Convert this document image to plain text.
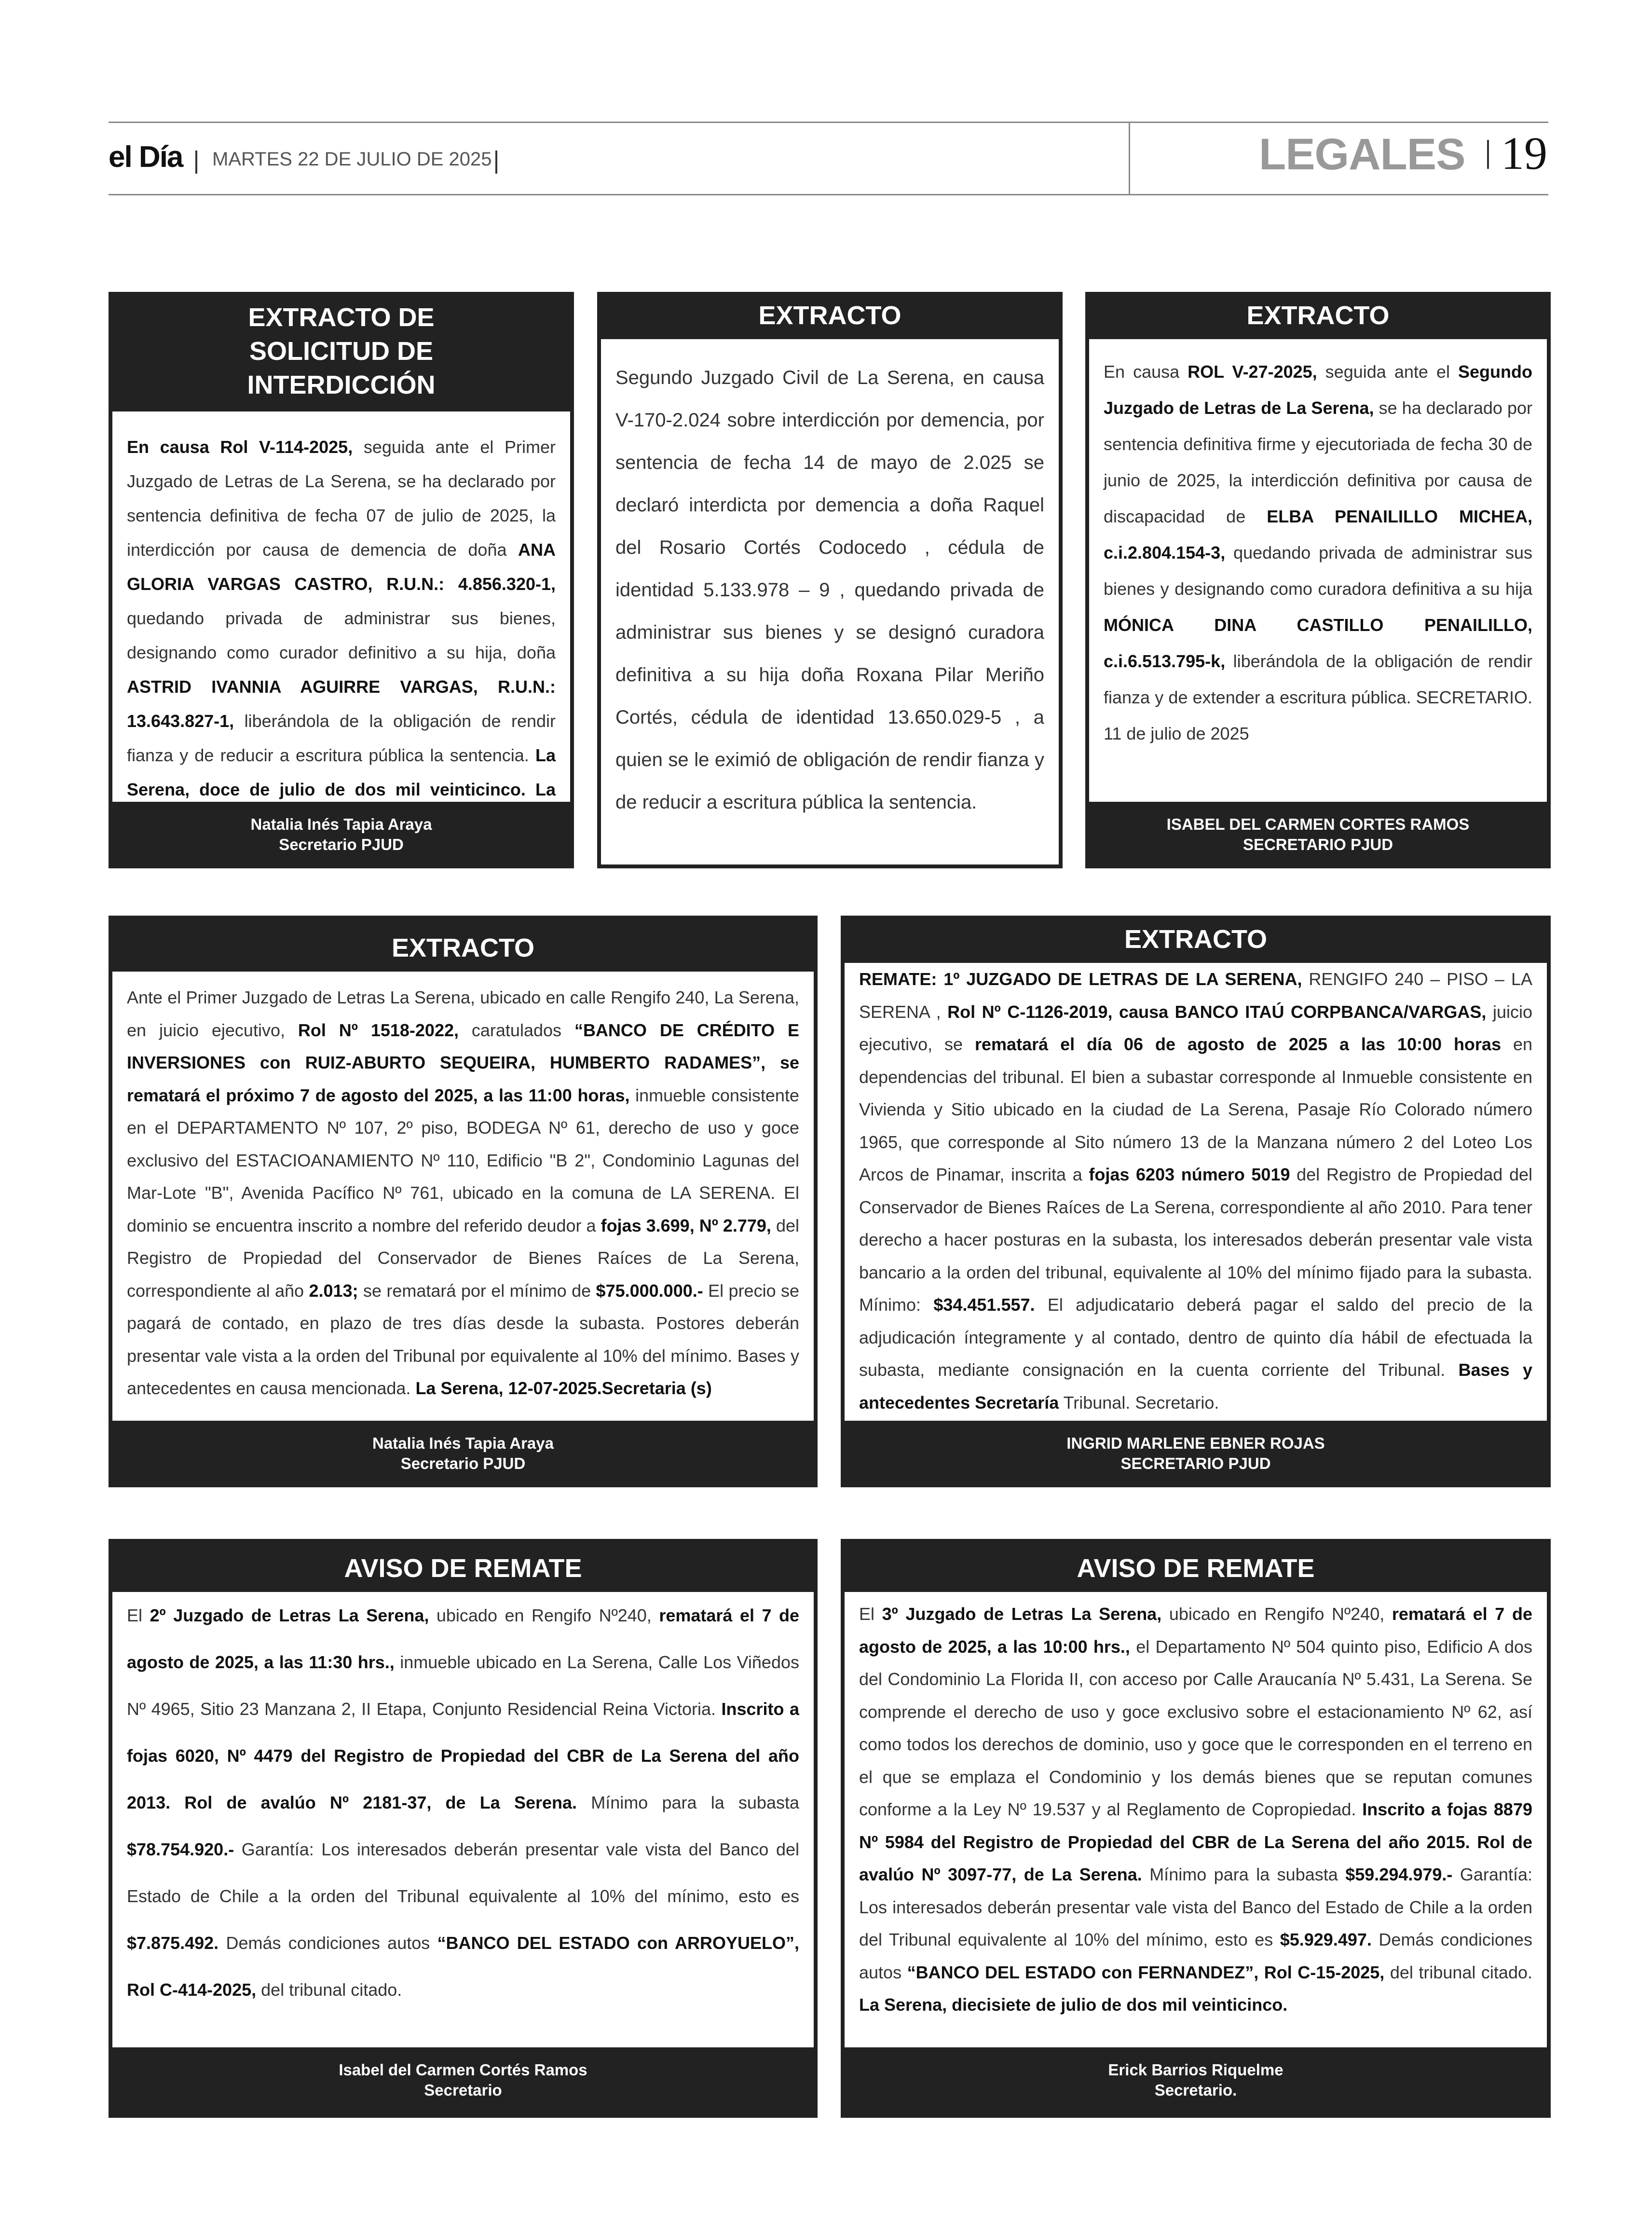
el Día MARTES 22 DE JULIO DE 2025	LEGALES 19
EXTRACTO DE SOLICITUD DE INTERDICCIÓN
En causa Rol V-114-2025, seguida ante el Primer Juzgado de Letras de La Serena, se ha declarado por sentencia definitiva de fecha 07 de julio de 2025, la interdicción por causa de demencia de doña ANA GLORIA VARGAS CASTRO, R.U.N.: 4.856.320-1, quedando privada de administrar sus bienes, designando como curador definitivo a su hija, doña ASTRID IVANNIA AGUIRRE VARGAS, R.U.N.: 13.643.827-1, liberándola de la obligación de rendir fianza y de reducir a escritura pública la sentencia. La Serena, doce de julio de dos mil veinticinco. La
Natalia Inés Tapia Araya
Secretario PJUD
EXTRACTO
Segundo Juzgado Civil de La Serena, en causa V-170-2.024 sobre interdicción por demencia, por sentencia de fecha 14 de mayo de 2.025 se declaró interdicta por demencia a doña Raquel del Rosario Cortés Codocedo , cédula de identidad 5.133.978 – 9 , quedando privada de administrar sus bienes y se designó curadora definitiva a su hija doña Roxana Pilar Meriño Cortés, cédula de identidad 13.650.029-5 , a quien se le eximió de obligación de rendir fianza y de reducir a escritura pública la sentencia.
EXTRACTO
En causa ROL V-27-2025, seguida ante el Segundo Juzgado de Letras de La Serena, se ha declarado por sentencia definitiva firme y ejecutoriada de fecha 30 de junio de 2025, la interdicción definitiva por causa de discapacidad de ELBA PENAILILLO MICHEA, c.i.2.804.154-3, quedando privada de administrar sus bienes y designando como curadora definitiva a su hija MÓNICA DINA CASTILLO PENAILILLO, c.i.6.513.795-k, liberándola de la obligación de rendir fianza y de extender a escritura pública. SECRETARIO. 11 de julio de 2025
ISABEL DEL CARMEN CORTES RAMOS
SECRETARIO PJUD
EXTRACTO
Ante el Primer Juzgado de Letras La Serena, ubicado en calle Rengifo 240, La Serena, en juicio ejecutivo, Rol Nº 1518-2022, caratulados “BANCO DE CRÉDITO E INVERSIONES con RUIZ-ABURTO SEQUEIRA, HUMBERTO RADAMES”, se rematará el próximo 7 de agosto del 2025, a las 11:00 horas, inmueble consistente en el DEPARTAMENTO Nº 107, 2º piso, BODEGA Nº 61, derecho de uso y goce exclusivo del ESTACIOANAMIENTO Nº 110, Edificio "B 2", Condominio Lagunas del Mar-Lote "B", Avenida Pacífico Nº 761, ubicado en la comuna de LA SERENA. El dominio se encuentra inscrito a nombre del referido deudor a fojas 3.699, Nº 2.779, del Registro de Propiedad del Conservador de Bienes Raíces de La Serena, correspondiente al año 2.013; se rematará por el mínimo de $75.000.000.- El precio se pagará de contado, en plazo de tres días desde la subasta. Postores deberán presentar vale vista a la orden del Tribunal por equivalente al 10% del mínimo. Bases y antecedentes en causa mencionada. La Serena, 12-07-2025.Secretaria (s)
Natalia Inés Tapia Araya
Secretario PJUD
EXTRACTO
REMATE: 1º JUZGADO DE LETRAS DE LA SERENA, RENGIFO 240 – PISO – LA SERENA , Rol Nº C-1126-2019, causa BANCO ITAÚ CORPBANCA/VARGAS, juicio ejecutivo, se rematará el día 06 de agosto de 2025 a las 10:00 horas en dependencias del tribunal. El bien a subastar corresponde al Inmueble consistente en Vivienda y Sitio ubicado en la ciudad de La Serena, Pasaje Río Colorado número 1965, que corresponde al Sito número 13 de la Manzana número 2 del Loteo Los Arcos de Pinamar, inscrita a fojas 6203 número 5019 del Registro de Propiedad del Conservador de Bienes Raíces de La Serena, correspondiente al año 2010. Para tener derecho a hacer posturas en la subasta, los interesados deberán presentar vale vista bancario a la orden del tribunal, equivalente al 10% del mínimo fijado para la subasta. Mínimo: $34.451.557. El adjudicatario deberá pagar el saldo del precio de la adjudicación íntegramente y al contado, dentro de quinto día hábil de efectuada la subasta, mediante consignación en la cuenta corriente del Tribunal. Bases y antecedentes Secretaría Tribunal. Secretario.
INGRID MARLENE EBNER ROJAS
SECRETARIO PJUD
AVISO DE REMATE
El 2º Juzgado de Letras La Serena, ubicado en Rengifo Nº240, rematará el 7 de agosto de 2025, a las 11:30 hrs., inmueble ubicado en La Serena, Calle Los Viñedos Nº 4965, Sitio 23 Manzana 2, II Etapa, Conjunto Residencial Reina Victoria. Inscrito a fojas 6020, Nº 4479 del Registro de Propiedad del CBR de La Serena del año 2013. Rol de avalúo Nº 2181-37, de La Serena. Mínimo para la subasta $78.754.920.- Garantía: Los interesados deberán presentar vale vista del Banco del Estado de Chile a la orden del Tribunal equivalente al 10% del mínimo, esto es $7.875.492. Demás condiciones autos “BANCO DEL ESTADO con ARROYUELO”, Rol C-414-2025, del tribunal citado.
Isabel del Carmen Cortés Ramos
Secretario
AVISO DE REMATE
El 3º Juzgado de Letras La Serena, ubicado en Rengifo Nº240, rematará el 7 de agosto de 2025, a las 10:00 hrs., el Departamento Nº 504 quinto piso, Edificio A dos del Condominio La Florida II, con acceso por Calle Araucanía Nº 5.431, La Serena. Se comprende el derecho de uso y goce exclusivo sobre el estacionamiento Nº 62, así como todos los derechos de dominio, uso y goce que le corresponden en el terreno en el que se emplaza el Condominio y los demás bienes que se reputan comunes conforme a la Ley Nº 19.537 y al Reglamento de Copropiedad. Inscrito a fojas 8879 Nº 5984 del Registro de Propiedad del CBR de La Serena del año 2015. Rol de avalúo Nº 3097-77, de La Serena. Mínimo para la subasta $59.294.979.- Garantía: Los interesados deberán presentar vale vista del Banco del Estado de Chile a la orden del Tribunal equivalente al 10% del mínimo, esto es $5.929.497. Demás condiciones autos “BANCO DEL ESTADO con FERNANDEZ”, Rol C-15-2025, del tribunal citado. La Serena, diecisiete de julio de dos mil veinticinco.
Erick Barrios Riquelme
Secretario.
